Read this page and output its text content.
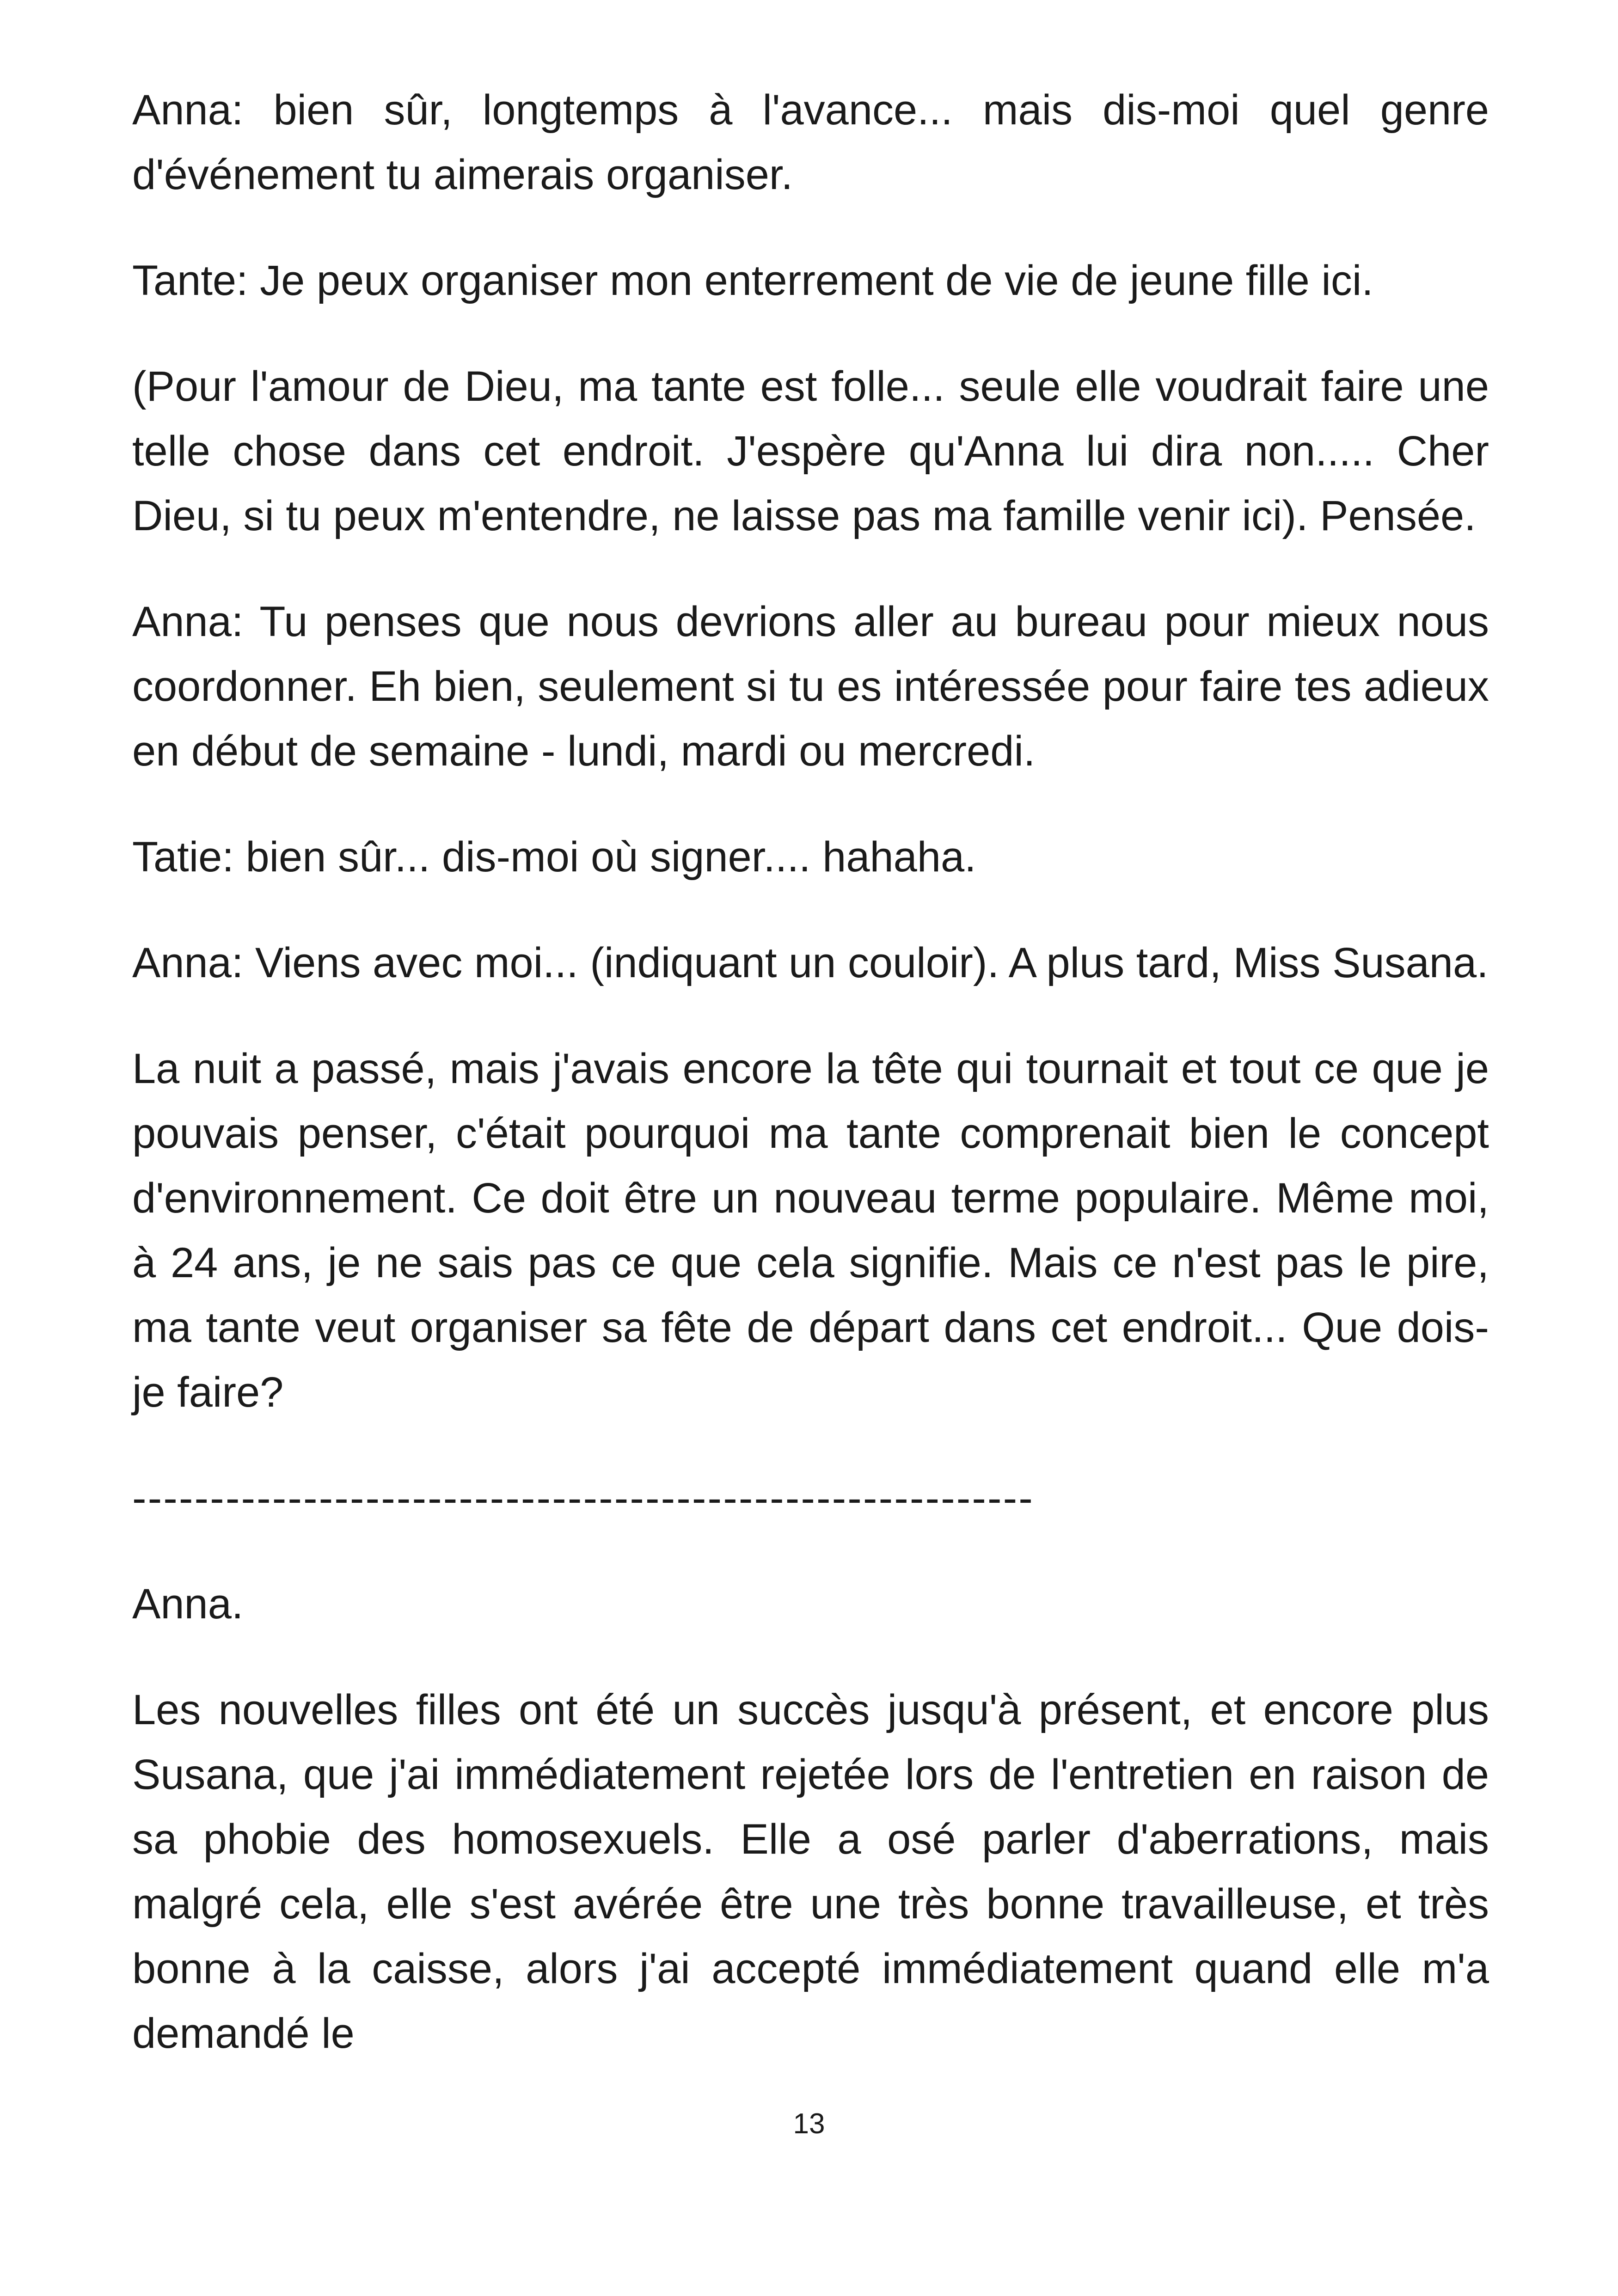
Anna: bien sûr, longtemps à l'avance... mais dis-moi quel genre d'événement tu aimerais organiser.

Tante: Je peux organiser mon enterrement de vie de jeune fille ici.

(Pour l'amour de Dieu, ma tante est folle... seule elle voudrait faire une telle chose dans cet endroit. J'espère qu'Anna lui dira non..... Cher Dieu, si tu peux m'entendre, ne laisse pas ma famille venir ici). Pensée.

Anna: Tu penses que nous devrions aller au bureau pour mieux nous coordonner. Eh bien, seulement si tu es intéressée pour faire tes adieux en début de semaine - lundi, mardi ou mercredi.

Tatie: bien sûr... dis-moi où signer.... hahaha.

Anna: Viens avec moi... (indiquant un couloir). A plus tard, Miss Susana.

La nuit a passé, mais j'avais encore la tête qui tournait et tout ce que je pouvais penser, c'était pourquoi ma tante comprenait bien le concept d'environnement. Ce doit être un nouveau terme populaire. Même moi, à 24 ans, je ne sais pas ce que cela signifie. Mais ce n'est pas le pire, ma tante veut organiser sa fête de départ dans cet endroit... Que dois-je faire?

----------------------------------------------------------

Anna.

Les nouvelles filles ont été un succès jusqu'à présent, et encore plus Susana, que j'ai immédiatement rejetée lors de l'entretien en raison de sa phobie des homosexuels. Elle a osé parler d'aberrations, mais malgré cela, elle s'est avérée être une très bonne travailleuse, et très bonne à la caisse, alors j'ai accepté immédiatement quand elle m'a demandé le

13
